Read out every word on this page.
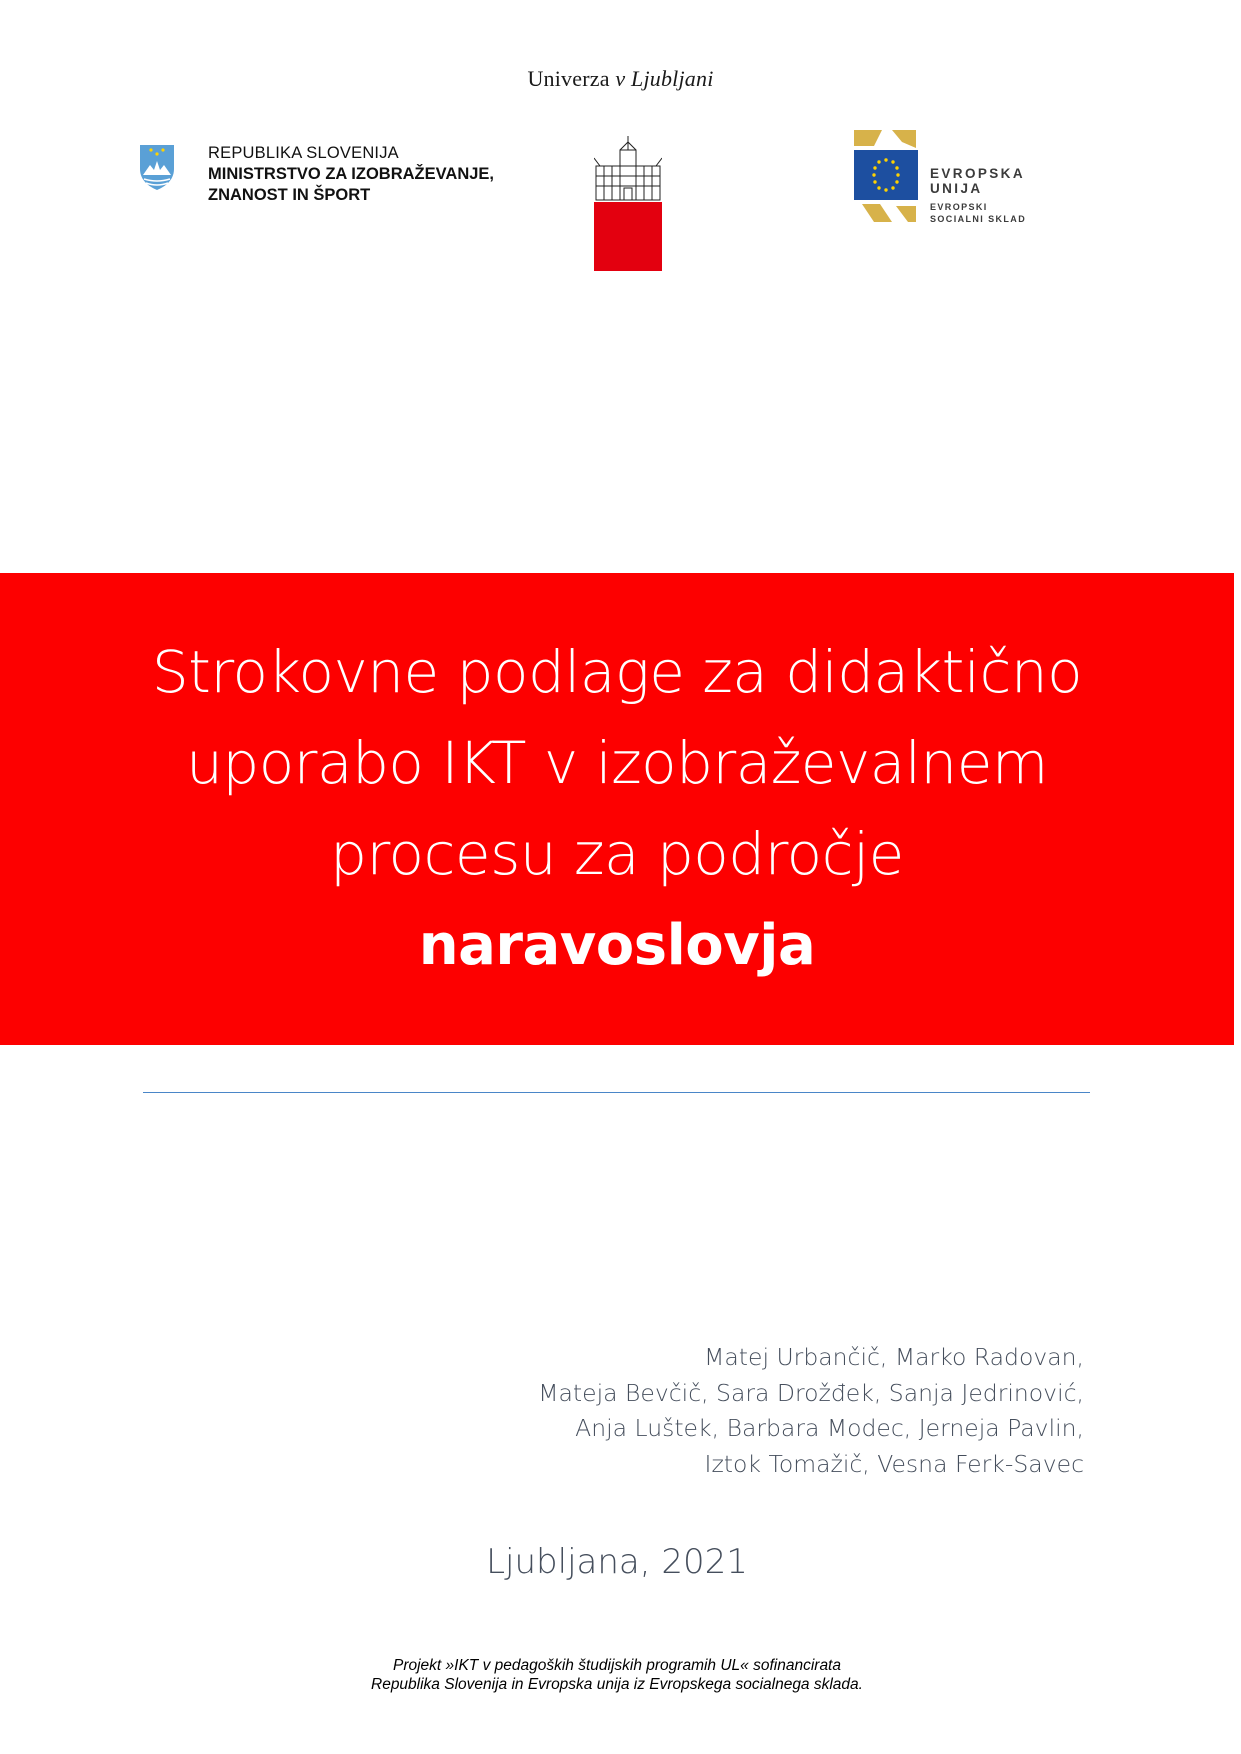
Univerza v Ljubljani
REPUBLIKA SLOVENIJA
MINISTRSTVO ZA IZOBRAŽEVANJE,
ZNANOST IN ŠPORT
EVROPSKA UNIJA
EVROPSKI
SOCIALNI SKLAD
Strokovne podlage za didaktično
uporabo IKT v izobraževalnem
procesu za področje
naravoslovja
Matej Urbančič, Marko Radovan,
Mateja Bevčič, Sara Drožđek, Sanja Jedrinović,
Anja Luštek, Barbara Modec, Jerneja Pavlin,
Iztok Tomažič, Vesna Ferk-Savec
Ljubljana, 2021
Projekt »IKT v pedagoških študijskih programih UL« sofinancirata
Republika Slovenija in Evropska unija iz Evropskega socialnega sklada.
